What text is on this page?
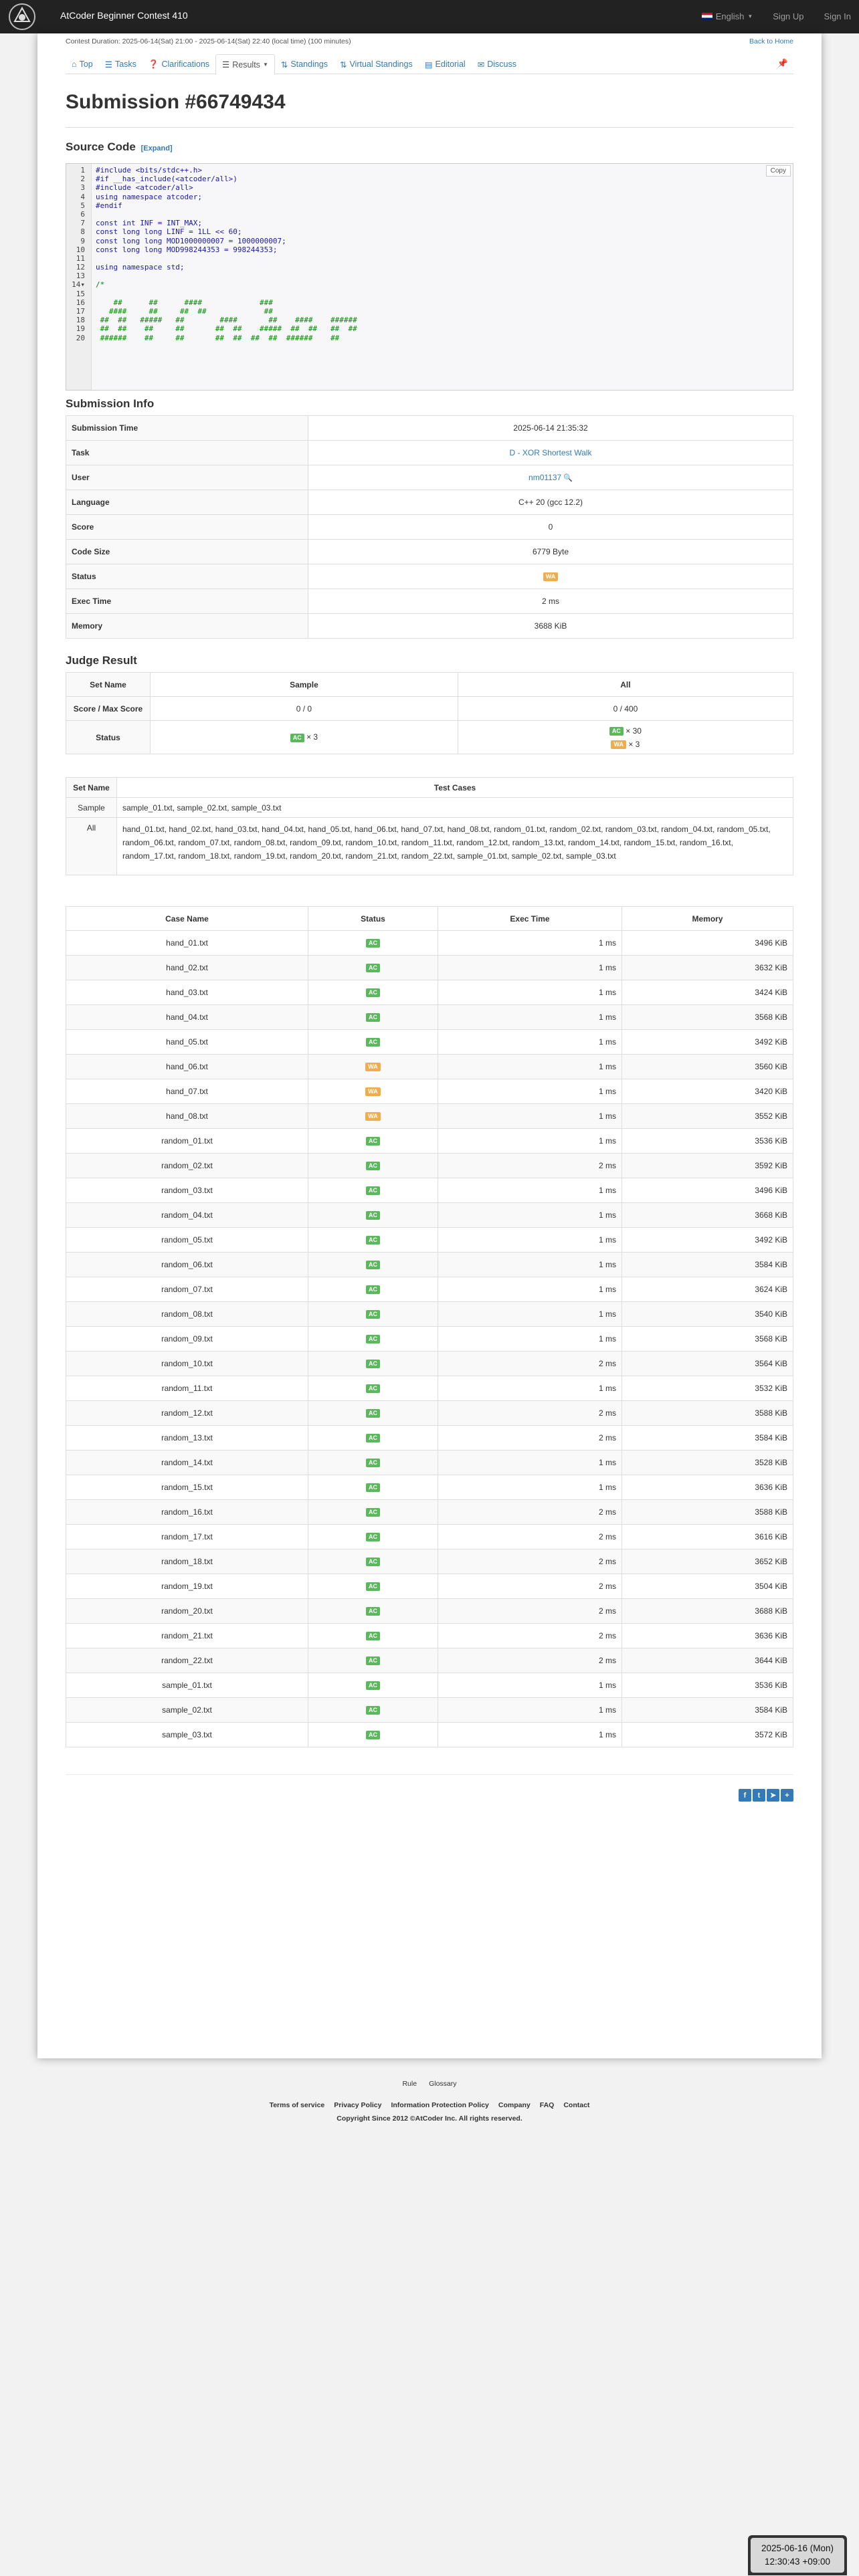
AtCoder Beginner Contest 410	English ▼ Sign Up Sign In
Contest Duration: 2025-06-14(Sat) 21:00 - 2025-06-14(Sat) 22:40 (local time) (100 minutes)	Back to Home
⌂ Top ☰ Tasks ❓ Clarifications ☰ Results ▼ ⇅ Standings ⇅ Virtual Standings ▤ Editorial ✉ Discuss	📌
Submission #66749434
Source Code [Expand]
1	#include <bits/stdc++.h>
2	#if __has_include(<atcoder/all>)
3	#include <atcoder/all>
4	using namespace atcoder;
5	#endif
6
7	const int INF = INT_MAX;
8	const long long LINF = 1LL << 60;
9	const long long MOD1000000007 = 1000000007;
10	const long long MOD998244353 = 998244353;
11
12	using namespace std;
13
14▾	/*
15
16	##      ##      ####             ###
17	####     ##     ##  ##             ##
18	##  ##   #####   ##        ####       ##    ####    ######
19	##  ##    ##     ##       ##  ##    #####  ##  ##   ##  ##
20	######    ##     ##       ##  ##  ##  ##  ######    ##
Copy
Submission Info
Submission Time	2025-06-14 21:35:32
Task	D - XOR Shortest Walk
User	nm01137 🔍
Language	C++ 20 (gcc 12.2)
Score	0
Code Size	6779 Byte
Status	WA
Exec Time	2 ms
Memory	3688 KiB
Judge Result
Set Name	Sample	All
Score / Max Score	0 / 0	0 / 400
Status	AC × 3	AC × 30
WA × 3
Set Name	Test Cases
Sample	sample_01.txt, sample_02.txt, sample_03.txt
All	hand_01.txt, hand_02.txt, hand_03.txt, hand_04.txt, hand_05.txt, hand_06.txt, hand_07.txt, hand_08.txt, random_01.txt, random_02.txt, random_03.txt, random_04.txt, random_05.txt, random_06.txt, random_07.txt, random_08.txt, random_09.txt, random_10.txt, random_11.txt, random_12.txt, random_13.txt, random_14.txt, random_15.txt, random_16.txt, random_17.txt, random_18.txt, random_19.txt, random_20.txt, random_21.txt, random_22.txt, sample_01.txt, sample_02.txt, sample_03.txt
Case Name	Status	Exec Time	Memory
hand_01.txt	AC	1 ms	3496 KiB
hand_02.txt	AC	1 ms	3632 KiB
hand_03.txt	AC	1 ms	3424 KiB
hand_04.txt	AC	1 ms	3568 KiB
hand_05.txt	AC	1 ms	3492 KiB
hand_06.txt	WA	1 ms	3560 KiB
hand_07.txt	WA	1 ms	3420 KiB
hand_08.txt	WA	1 ms	3552 KiB
random_01.txt	AC	1 ms	3536 KiB
random_02.txt	AC	2 ms	3592 KiB
random_03.txt	AC	1 ms	3496 KiB
random_04.txt	AC	1 ms	3668 KiB
random_05.txt	AC	1 ms	3492 KiB
random_06.txt	AC	1 ms	3584 KiB
random_07.txt	AC	1 ms	3624 KiB
random_08.txt	AC	1 ms	3540 KiB
random_09.txt	AC	1 ms	3568 KiB
random_10.txt	AC	2 ms	3564 KiB
random_11.txt	AC	1 ms	3532 KiB
random_12.txt	AC	2 ms	3588 KiB
random_13.txt	AC	2 ms	3584 KiB
random_14.txt	AC	1 ms	3528 KiB
random_15.txt	AC	1 ms	3636 KiB
random_16.txt	AC	2 ms	3588 KiB
random_17.txt	AC	2 ms	3616 KiB
random_18.txt	AC	2 ms	3652 KiB
random_19.txt	AC	2 ms	3504 KiB
random_20.txt	AC	2 ms	3688 KiB
random_21.txt	AC	2 ms	3636 KiB
random_22.txt	AC	2 ms	3644 KiB
sample_01.txt	AC	1 ms	3536 KiB
sample_02.txt	AC	1 ms	3584 KiB
sample_03.txt	AC	1 ms	3572 KiB
f	t	➤	+
Rule Glossary
Terms of service Privacy Policy Information Protection Policy Company FAQ Contact
Copyright Since 2012 ©AtCoder Inc. All rights reserved.
2025-06-16 (Mon)
12:30:43 +09:00
